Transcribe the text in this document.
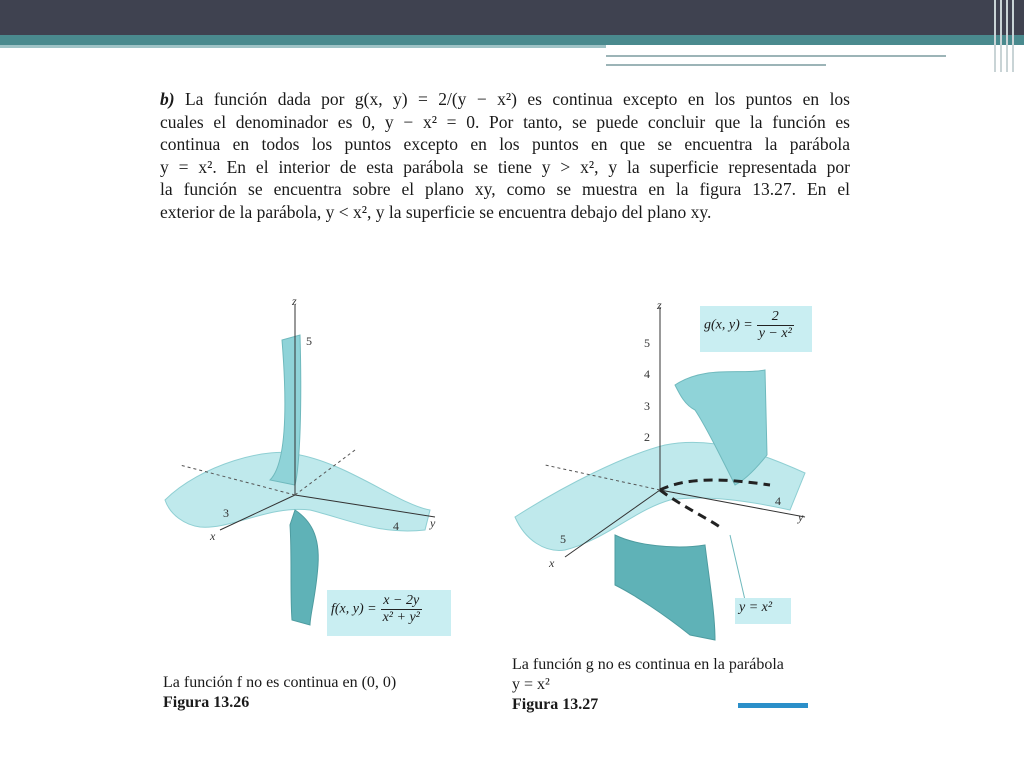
b) La función dada por g(x, y) = 2/(y − x²) es continua excepto en los puntos en los
cuales el denominador es 0, y − x² = 0. Por tanto, se puede concluir que la función es
continua en todos los puntos excepto en los puntos en que se encuentra la parábola
y = x². En el interior de esta parábola se tiene y > x², y la superficie representada por
la función se encuentra sobre el plano xy, como se muestra en la figura 13.27. En el
exterior de la parábola, y < x², y la superficie se encuentra debajo del plano xy.
z
x
y
5
3
4
f(x, $y) = \frac{x - 2y}{\text{x² + y²}}$
La función f no es continua en (0, 0)
Figura 13.26
z
x
y
5
4
3
2
5
4
g(x, $y) = \frac{2}{\text{y − x²}}$
y = x²
La función g no es continua en la parábola
y = x²
Figura 13.27
